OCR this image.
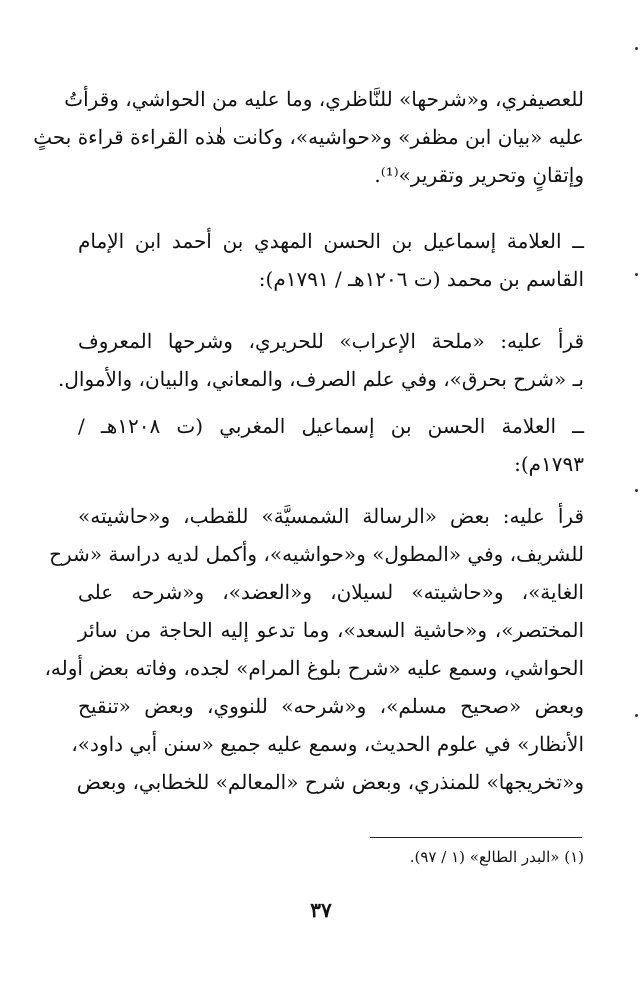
للعصيفري، و«شرحها» للنَّاظري، وما عليه من الحواشي، وقرأتُ
عليه «بيان ابن مظفر» و«حواشيه»، وكانت هٰذه القراءة قراءة بحثٍ
وإتقانٍ وتحرير وتقرير»⁽¹⁾.
ــ العلامة إسماعيل بن الحسن المهدي بن أحمد ابن الإمام
القاسم بن محمد (ت ١٢٠٦هـ / ١٧٩١م):
قرأ عليه: «ملحة الإعراب» للحريري، وشرحها المعروف
بـ «شرح بحرق»، وفي علم الصرف، والمعاني، والبيان، والأموال.
ــ العلامة الحسن بن إسماعيل المغربي (ت ١٢٠٨هـ /
١٧٩٣م):
قرأ عليه: بعض «الرسالة الشمسيَّة» للقطب، و«حاشيته»
للشريف، وفي «المطول» و«حواشيه»، وأكمل لديه دراسة «شرح
الغاية»، و«حاشيته» لسيلان، و«العضد»، و«شرحه على
المختصر»، و«حاشية السعد»، وما تدعو إليه الحاجة من سائر
الحواشي، وسمع عليه «شرح بلوغ المرام» لجده، وفاته بعض أوله،
وبعض «صحيح مسلم»، و«شرحه» للنووي، وبعض «تنقيح
الأنظار» في علوم الحديث، وسمع عليه جميع «سنن أبي داود»،
و«تخريجها» للمنذري، وبعض شرح «المعالم» للخطابي، وبعض
(١) «البدر الطالع» (١ / ٩٧).
٣٧
